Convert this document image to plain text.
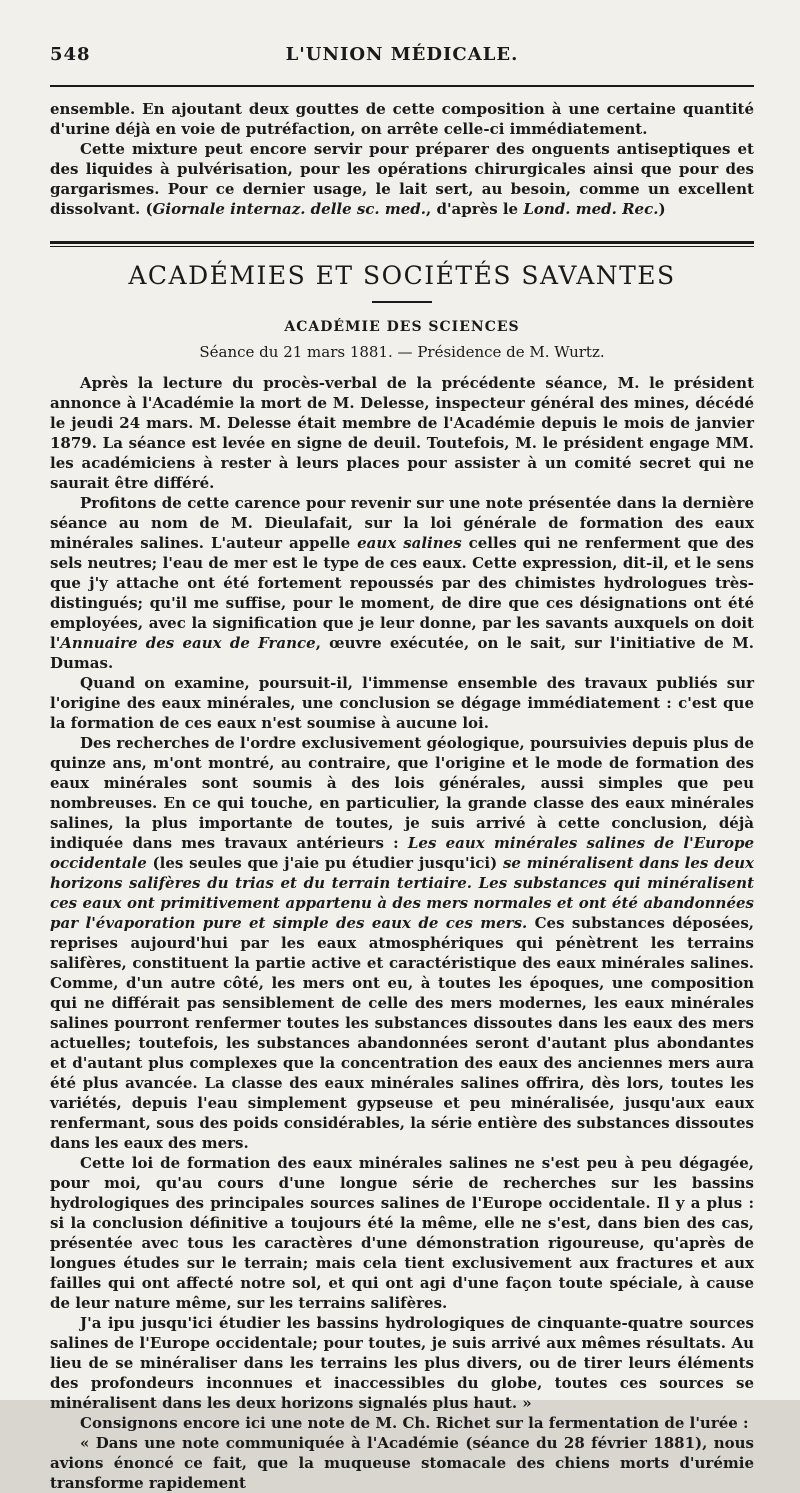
548	L'UNION MÉDICALE.

ensemble. En ajoutant deux gouttes de cette composition à une certaine quantité d'urine déjà en voie de putréfaction, on arrête celle-ci immédiatement.

Cette mixture peut encore servir pour préparer des onguents antiseptiques et des liquides à pulvérisation, pour les opérations chirurgicales ainsi que pour des gargarismes. Pour ce dernier usage, le lait sert, au besoin, comme un excellent dissolvant. (Giornale internaz. delle sc. med., d'après le Lond. med. Rec.)

ACADÉMIES ET SOCIÉTÉS SAVANTES
ACADÉMIE DES SCIENCES
Séance du 21 mars 1881. — Présidence de M. Wurtz.

Après la lecture du procès-verbal de la précédente séance, M. le président annonce à l'Académie la mort de M. Delesse, inspecteur général des mines, décédé le jeudi 24 mars. M. Delesse était membre de l'Académie depuis le mois de janvier 1879. La séance est levée en signe de deuil. Toutefois, M. le président engage MM. les académiciens à rester à leurs places pour assister à un comité secret qui ne saurait être différé.

Profitons de cette carence pour revenir sur une note présentée dans la dernière séance au nom de M. Dieulafait, sur la loi générale de formation des eaux minérales salines. L'auteur appelle eaux salines celles qui ne renferment que des sels neutres; l'eau de mer est le type de ces eaux. Cette expression, dit-il, et le sens que j'y attache ont été fortement repoussés par des chimistes hydrologues très-distingués; qu'il me suffise, pour le moment, de dire que ces désignations ont été employées, avec la signification que je leur donne, par les savants auxquels on doit l'Annuaire des eaux de France, œuvre exécutée, on le sait, sur l'initiative de M. Dumas.

Quand on examine, poursuit-il, l'immense ensemble des travaux publiés sur l'origine des eaux minérales, une conclusion se dégage immédiatement : c'est que la formation de ces eaux n'est soumise à aucune loi.

Des recherches de l'ordre exclusivement géologique, poursuivies depuis plus de quinze ans, m'ont montré, au contraire, que l'origine et le mode de formation des eaux minérales sont soumis à des lois générales, aussi simples que peu nombreuses. En ce qui touche, en particulier, la grande classe des eaux minérales salines, la plus importante de toutes, je suis arrivé à cette conclusion, déjà indiquée dans mes travaux antérieurs : Les eaux minérales salines de l'Europe occidentale (les seules que j'aie pu étudier jusqu'ici) se minéralisent dans les deux horizons salifères du trias et du terrain tertiaire. Les substances qui minéralisent ces eaux ont primitivement appartenu à des mers normales et ont été abandonnées par l'évaporation pure et simple des eaux de ces mers. Ces substances déposées, reprises aujourd'hui par les eaux atmosphériques qui pénètrent les terrains salifères, constituent la partie active et caractéristique des eaux minérales salines. Comme, d'un autre côté, les mers ont eu, à toutes les époques, une composition qui ne différait pas sensiblement de celle des mers modernes, les eaux minérales salines pourront renfermer toutes les substances dissoutes dans les eaux des mers actuelles; toutefois, les substances abandonnées seront d'autant plus abondantes et d'autant plus complexes que la concentration des eaux des anciennes mers aura été plus avancée. La classe des eaux minérales salines offrira, dès lors, toutes les variétés, depuis l'eau simplement gypseuse et peu minéralisée, jusqu'aux eaux renfermant, sous des poids considérables, la série entière des substances dissoutes dans les eaux des mers.

Cette loi de formation des eaux minérales salines ne s'est peu à peu dégagée, pour moi, qu'au cours d'une longue série de recherches sur les bassins hydrologiques des principales sources salines de l'Europe occidentale. Il y a plus : si la conclusion définitive a toujours été la même, elle ne s'est, dans bien des cas, présentée avec tous les caractères d'une démonstration rigoureuse, qu'après de longues études sur le terrain; mais cela tient exclusivement aux fractures et aux failles qui ont affecté notre sol, et qui ont agi d'une façon toute spéciale, à cause de leur nature même, sur les terrains salifères.

J'a ipu jusqu'ici étudier les bassins hydrologiques de cinquante-quatre sources salines de l'Europe occidentale; pour toutes, je suis arrivé aux mêmes résultats. Au lieu de se minéraliser dans les terrains les plus divers, ou de tirer leurs éléments des profondeurs inconnues et inaccessibles du globe, toutes ces sources se minéralisent dans les deux horizons signalés plus haut. »

Consignons encore ici une note de M. Ch. Richet sur la fermentation de l'urée :

« Dans une note communiquée à l'Académie (séance du 28 février 1881), nous avions énoncé ce fait, que la muqueuse stomacale des chiens morts d'urémie transforme rapidement
